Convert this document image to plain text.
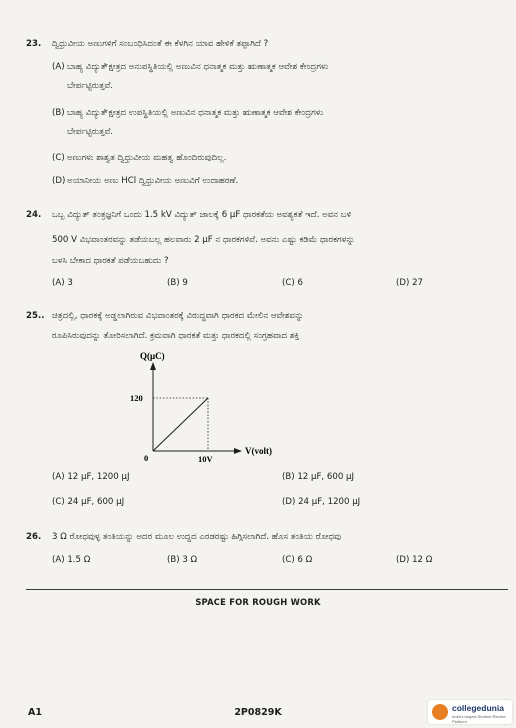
23. ದ್ವಿಧ್ರುವೀಯ ಅಣುಗಳಿಗೆ ಸಂಬಂಧಿಸಿದಂತೆ ಈ ಕೆಳಗಿನ ಯಾವ ಹೇಳಿಕೆ ತಪ್ಪಾಗಿದೆ ?
(A) ಬಾಹ್ಯ ವಿದ್ಯುತ್ಕ್ಷೇತ್ರದ ಅನುಪಸ್ಥಿತಿಯಲ್ಲಿ ಅಣುವಿನ ಧನಾತ್ಮಕ ಮತ್ತು ಋಣಾತ್ಮಕ ಆವೇಶ ಕೇಂದ್ರಗಳು
ಬೇರ್ಪಟ್ಟಿರುತ್ತವೆ.
(B) ಬಾಹ್ಯ ವಿದ್ಯುತ್ಕ್ಷೇತ್ರದ ಉಪಸ್ಥಿತಿಯಲ್ಲಿ ಅಣುವಿನ ಧನಾತ್ಮಕ ಮತ್ತು ಋಣಾತ್ಮಕ ಆವೇಶ ಕೇಂದ್ರಗಳು
ಬೇರ್ಪಟ್ಟಿರುತ್ತವೆ.
(C) ಅಣುಗಳು ಶಾಶ್ವತ ದ್ವಿಧ್ರುವೀಯ ಮಹತ್ವ ಹೊಂದಿರುವುದಿಲ್ಲ.
(D) ಅಯಾನೀಯ ಅಣು HCl ದ್ವಿಧ್ರುವೀಯ ಅಣುವಿಗೆ ಉದಾಹರಣೆ.
24. ಒಬ್ಬ ವಿದ್ಯುತ್ ತಂತ್ರಜ್ಞನಿಗೆ ಒಂದು 1.5 kV ವಿದ್ಯುತ್ ಜಾಲಕ್ಕೆ 6 μF ಧಾರಕತೆಯ ಅವಶ್ಯಕತೆ ಇದೆ. ಅವನ ಬಳಿ
500 V ವಿಭವಾಂತರವನ್ನು ತಡೆಯಬಲ್ಲ ಹಲವಾರು 2 μF ನ ಧಾರಕಗಳಿವೆ. ಅವನು ಎಷ್ಟು ಕಡಿಮೆ ಧಾರಕಗಳನ್ನು
ಬಳಸಿ ಬೇಕಾದ ಧಾರಕತೆ ಪಡೆಯಬಹುದು ?
(A) 3	(B) 9	(C) 6	(D) 27
25.. ಚಿತ್ರದಲ್ಲಿ, ಧಾರಕಕ್ಕೆ ಅಡ್ಡಲಾಗಿರುವ ವಿಭವಾಂತರಕ್ಕೆ ವಿರುದ್ಧವಾಗಿ ಧಾರಕದ ಮೇಲಿನ ಆವೇಶವನ್ನು
ರೂಪಿಸಿರುವುದನ್ನು ತೋರಿಸಲಾಗಿದೆ. ಕ್ರಮವಾಗಿ ಧಾರಕತೆ ಮತ್ತು ಧಾರಕದಲ್ಲಿ ಸಂಗ್ರಹವಾದ ಶಕ್ತಿ
Q(μC)
120
0	10V
V(volt)
(A) 12 μF, 1200 μJ	(B) 12 μF, 600 μJ
(C) 24 μF, 600 μJ	(D) 24 μF, 1200 μJ
26. 3 Ω ರೋಧವುಳ್ಳ ತಂತಿಯನ್ನು ಅದರ ಮೂಲ ಉದ್ದದ ಎರಡರಷ್ಟು ಹಿಗ್ಗಿಸಲಾಗಿದೆ. ಹೊಸ ತಂತಿಯ ರೋಧವು
(A) 1.5 Ω	(B) 3 Ω	(C) 6 Ω	(D) 12 Ω
SPACE FOR ROUGH WORK
A1	2P0829K	collegedunia
India's largest Student Review Platform
